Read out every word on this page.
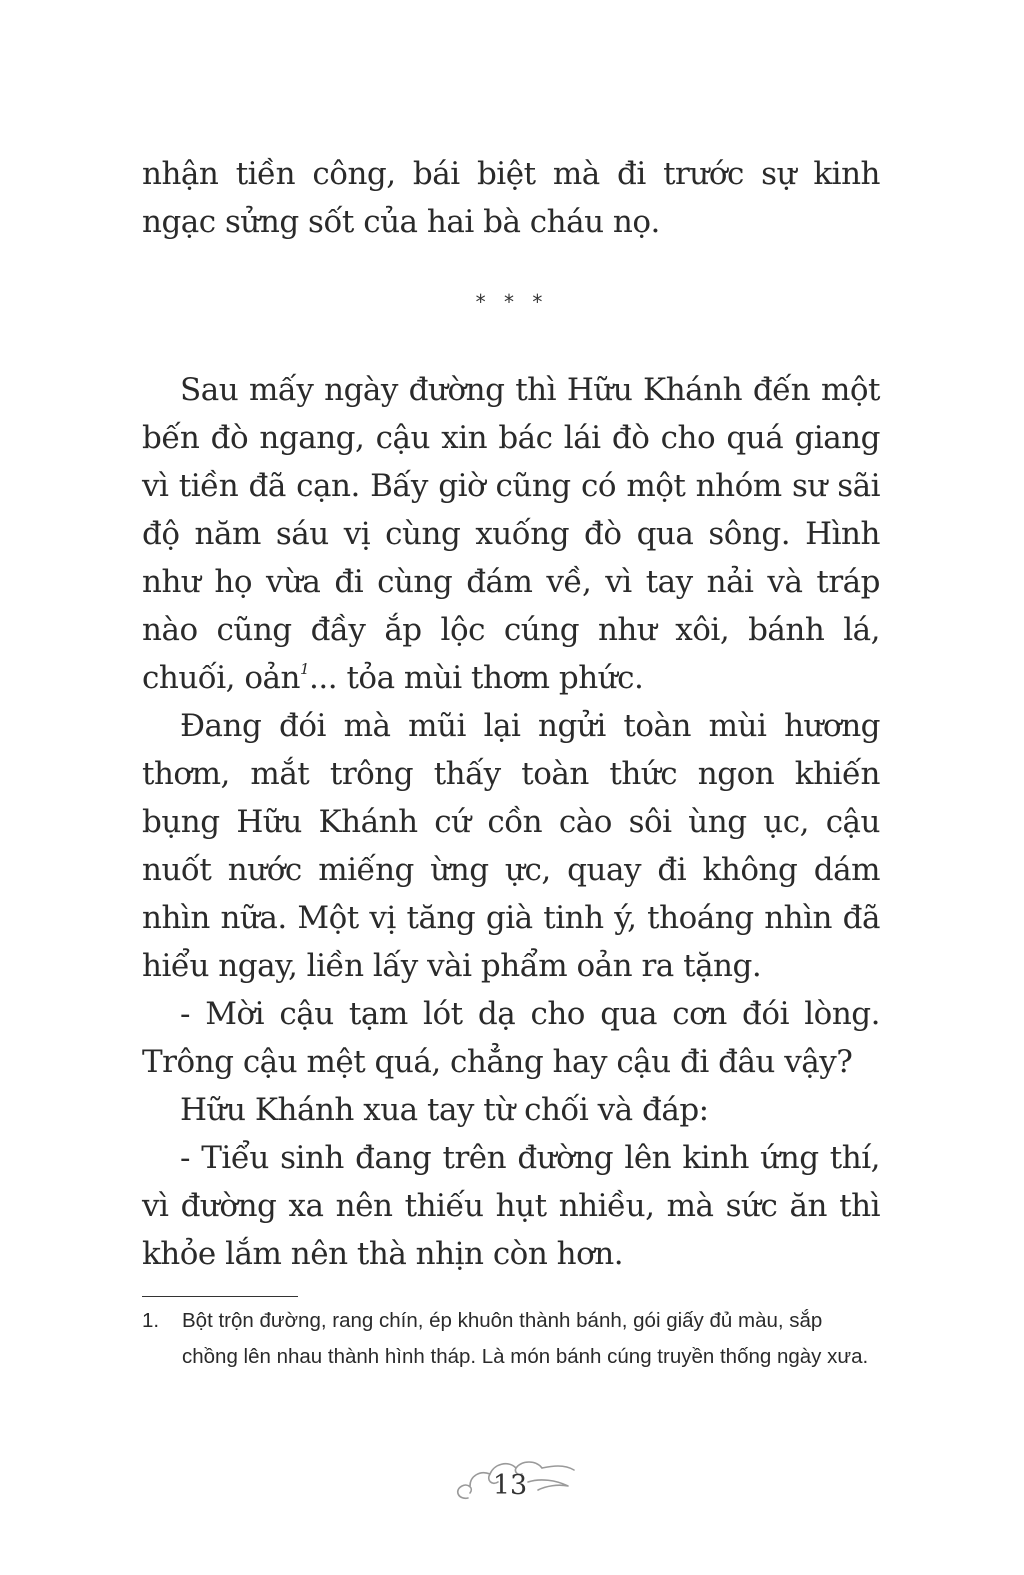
nhận tiền công, bái biệt mà đi trước sự kinh ngạc sửng sốt của hai bà cháu nọ.

* * *

Sau mấy ngày đường thì Hữu Khánh đến một bến đò ngang, cậu xin bác lái đò cho quá giang vì tiền đã cạn. Bấy giờ cũng có một nhóm sư sãi độ năm sáu vị cùng xuống đò qua sông. Hình như họ vừa đi cùng đám về, vì tay nải và tráp nào cũng đầy ắp lộc cúng như xôi, bánh lá, chuối, oản$^1$... tỏa mùi thơm phức.

Đang đói mà mũi lại ngửi toàn mùi hương thơm, mắt trông thấy toàn thức ngon khiến bụng Hữu Khánh cứ cồn cào sôi ùng ục, cậu nuốt nước miếng ừng ực, quay đi không dám nhìn nữa. Một vị tăng già tinh ý, thoáng nhìn đã hiểu ngay, liền lấy vài phẩm oản ra tặng.

- Mời cậu tạm lót dạ cho qua cơn đói lòng. Trông cậu mệt quá, chẳng hay cậu đi đâu vậy?

Hữu Khánh xua tay từ chối và đáp:

- Tiểu sinh đang trên đường lên kinh ứng thí, vì đường xa nên thiếu hụt nhiều, mà sức ăn thì khỏe lắm nên thà nhịn còn hơn.

1.	Bột trộn đường, rang chín, ép khuôn thành bánh, gói giấy đủ màu, sắp chồng lên nhau thành hình tháp. Là món bánh cúng truyền thống ngày xưa.
13
